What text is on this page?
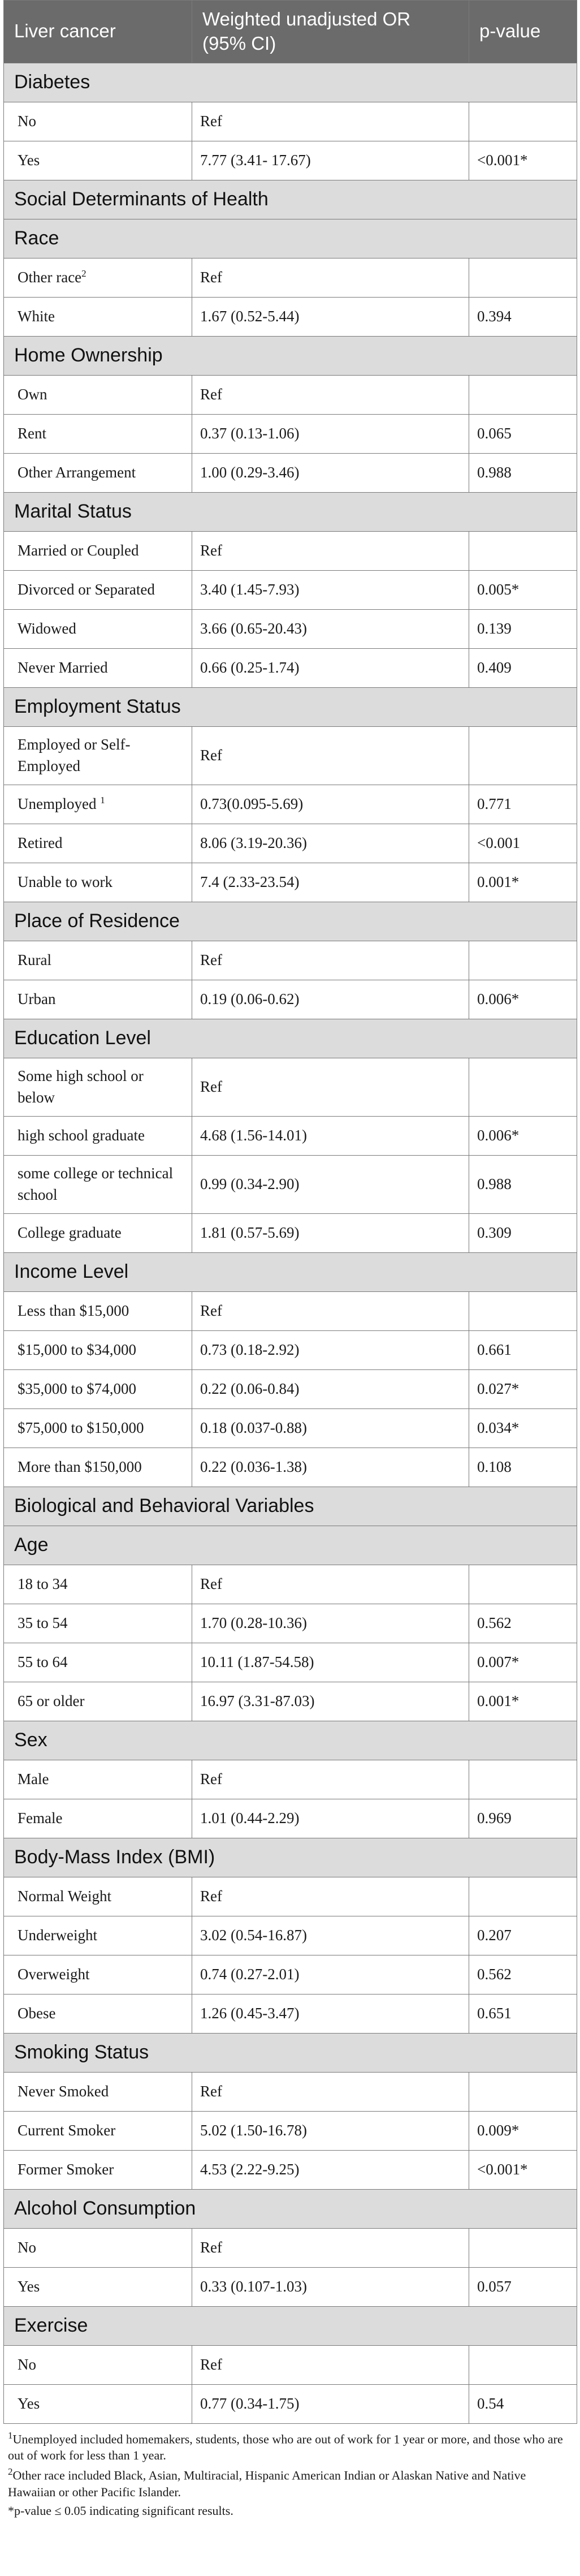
Liver cancer	Weighted unadjusted OR (95% CI)	p-value
Diabetes		
No	Ref	
Yes	7.77 (3.41- 17.67)	<0.001*
Social Determinants of Health		
Race		
Other race$^2$	Ref	
White	1.67 (0.52-5.44)	0.394
Home Ownership		
Own	Ref	
Rent	0.37 (0.13-1.06)	0.065
Other Arrangement	1.00 (0.29-3.46)	0.988
Marital Status		
Married or Coupled	Ref	
Divorced or Separated	3.40 (1.45-7.93)	0.005*
Widowed	3.66 (0.65-20.43)	0.139
Never Married	0.66 (0.25-1.74)	0.409
Employment Status		
Employed or Self-Employed	Ref	
Unemployed $^1$	0.73(0.095-5.69)	0.771
Retired	8.06 (3.19-20.36)	<0.001
Unable to work	7.4 (2.33-23.54)	0.001*
Place of Residence		
Rural	Ref	
Urban	0.19 (0.06-0.62)	0.006*
Education Level		
Some high school or below	Ref	
high school graduate	4.68 (1.56-14.01)	0.006*
some college or technical school	0.99 (0.34-2.90)	0.988
College graduate	1.81 (0.57-5.69)	0.309
Income Level		
Less than $15,000	Ref	
$15,000 to $34,000	0.73 (0.18-2.92)	0.661
$35,000 to $74,000	0.22 (0.06-0.84)	0.027*
$75,000 to $150,000	0.18 (0.037-0.88)	0.034*
More than $150,000	0.22 (0.036-1.38)	0.108
Biological and Behavioral Variables		
Age		
18 to 34	Ref	
35 to 54	1.70 (0.28-10.36)	0.562
55 to 64	10.11 (1.87-54.58)	0.007*
65 or older	16.97 (3.31-87.03)	0.001*
Sex		
Male	Ref	
Female	1.01 (0.44-2.29)	0.969
Body-Mass Index (BMI)		
Normal Weight	Ref	
Underweight	3.02 (0.54-16.87)	0.207
Overweight	0.74 (0.27-2.01)	0.562
Obese	1.26 (0.45-3.47)	0.651
Smoking Status		
Never Smoked	Ref	
Current Smoker	5.02 (1.50-16.78)	0.009*
Former Smoker	4.53 (2.22-9.25)	<0.001*
Alcohol Consumption		
No	Ref	
Yes	0.33 (0.107-1.03)	0.057
Exercise		
No	Ref	
Yes	0.77 (0.34-1.75)	0.54

$^1$Unemployed included homemakers, students, those who are out of work for 1 year or more, and those who are out of work for less than 1 year.

$^2$Other race included Black, Asian, Multiracial, Hispanic American Indian or Alaskan Native and Native Hawaiian or other Pacific Islander.

*p-value ≤ 0.05 indicating significant results.
